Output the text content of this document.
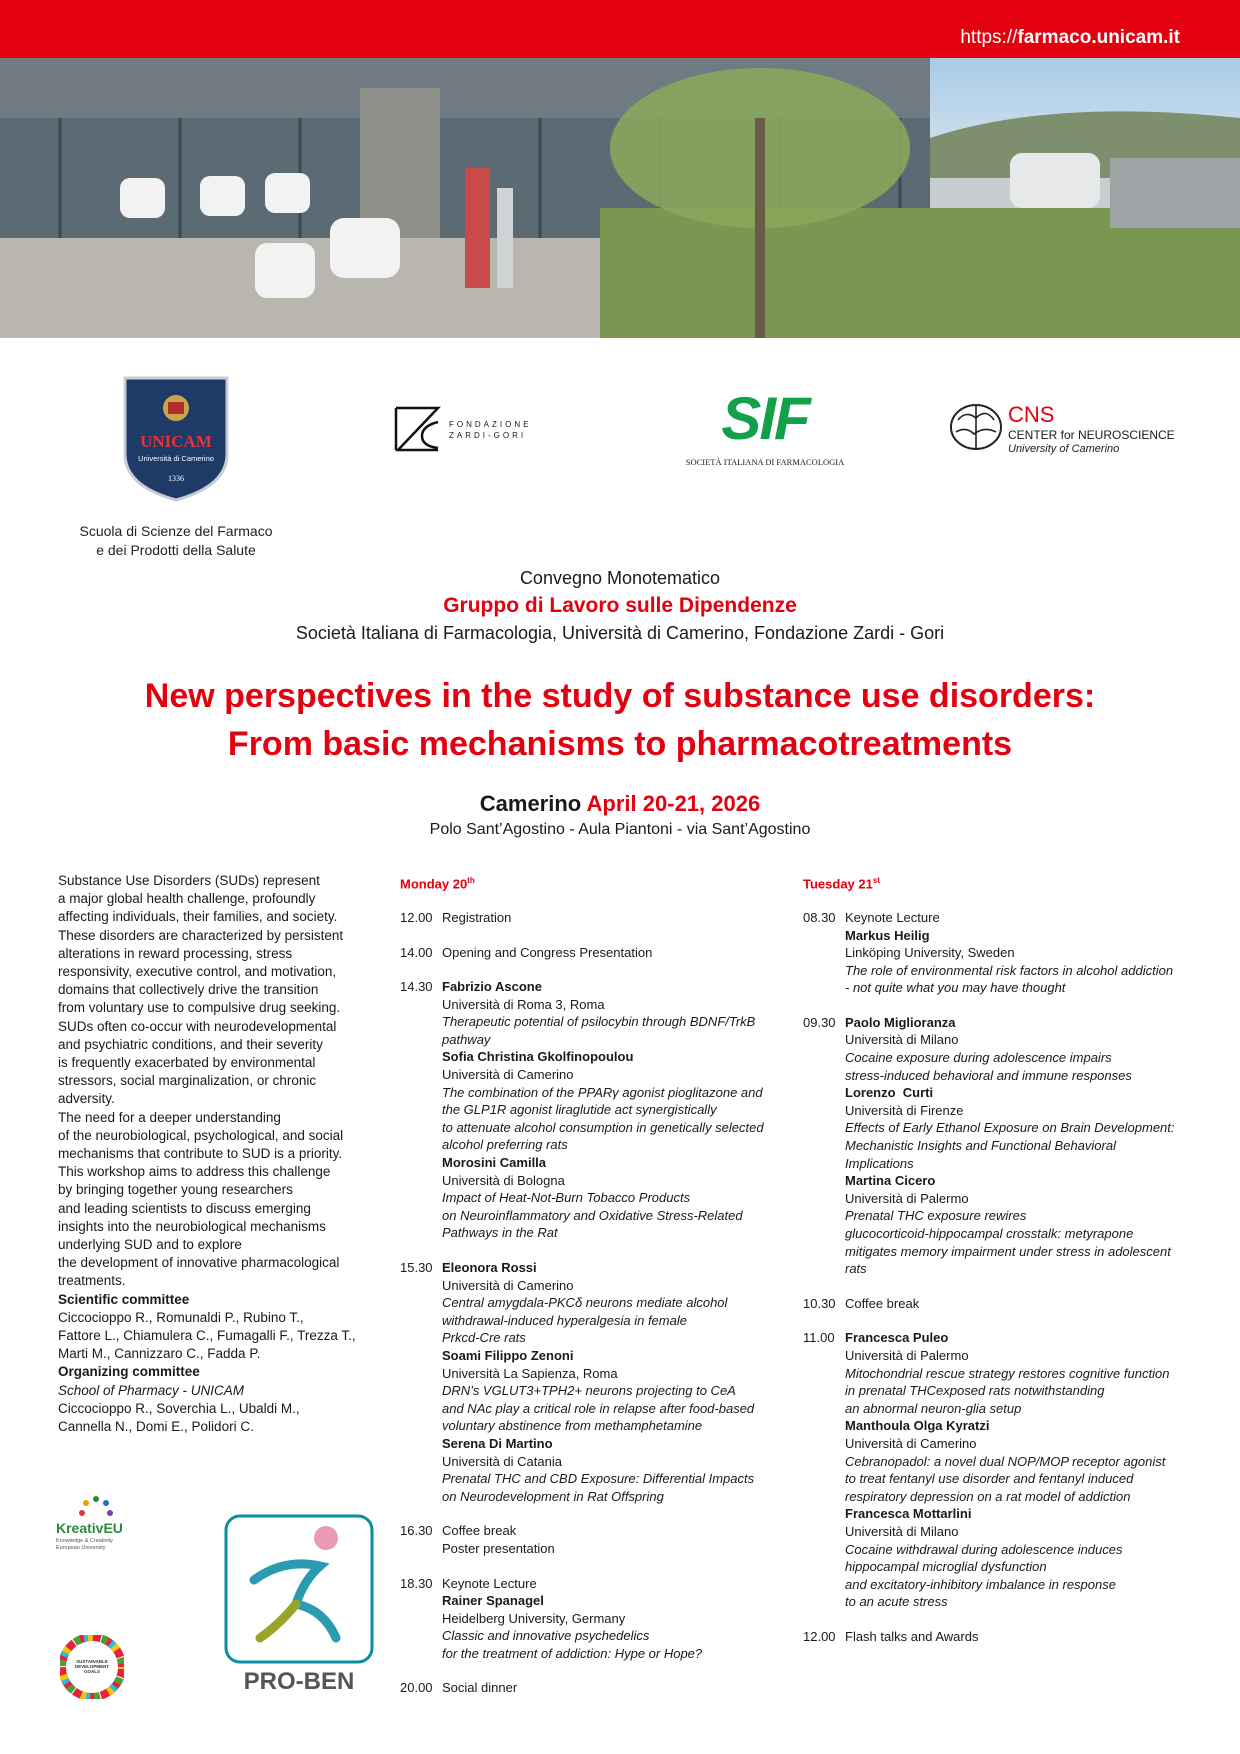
https://farmaco.unicam.it
UNICAM
Università di Camerino
1336
Scuola di Scienze del Farmaco
e dei Prodotti della Salute
FONDAZIONE
ZARDI-GORI	SIF
SOCIETÀ ITALIANA DI FARMACOLOGIA
CNS
CENTER for NEUROSCIENCE
University of Camerino
Convegno Monotematico
Gruppo di Lavoro sulle Dipendenze
Società Italiana di Farmacologia, Università di Camerino, Fondazione Zardi - Gori
New perspectives in the study of substance use disorders:
From basic mechanisms to pharmacotreatments
Camerino April 20-21, 2026
Polo Sant’Agostino - Aula Piantoni - via Sant’Agostino

Substance Use Disorders (SUDs) represent

a major global health challenge, profoundly

affecting individuals, their families, and society.

These disorders are characterized by persistent

alterations in reward processing, stress

responsivity, executive control, and motivation,

domains that collectively drive the transition

from voluntary use to compulsive drug seeking.

SUDs often co-occur with neurodevelopmental

and psychiatric conditions, and their severity

is frequently exacerbated by environmental

stressors, social marginalization, or chronic

adversity.

The need for a deeper understanding

of the neurobiological, psychological, and social

mechanisms that contribute to SUD is a priority.

This workshop aims to address this challenge

by bringing together young researchers

and leading scientists to discuss emerging

insights into the neurobiological mechanisms

underlying SUD and to explore

the development of innovative pharmacological

treatments.

Scientific committee

Ciccocioppo R., Romunaldi P., Rubino T.,

Fattore L., Chiamulera C., Fumagalli F., Trezza T.,

Marti M., Cannizzaro C., Fadda P.

Organizing committee

School of Pharmacy - UNICAM

Ciccocioppo R., Soverchia L., Ubaldi M.,

Cannella N., Domi E., Polidori C.

KreativEU
Knowledge & Creativity European University
SUSTAINABLE DEVELOPMENT GOALS	PRO-BEN
Monday 20th
12.00 Registration
14.00 Opening and Congress Presentation
14.30 Fabrizio Ascone
Università di Roma 3, Roma
Therapeutic potential of psilocybin through BDNF/TrkB
pathway
Sofia Christina Gkolfinopoulou
Università di Camerino
The combination of the PPARγ agonist pioglitazone and
the GLP1R agonist liraglutide act synergistically
to attenuate alcohol consumption in genetically selected
alcohol preferring rats
Morosini Camilla
Università di Bologna
Impact of Heat-Not-Burn Tobacco Products
on Neuroinflammatory and Oxidative Stress-Related
Pathways in the Rat
15.30 Eleonora Rossi
Università di Camerino
Central amygdala-PKCδ neurons mediate alcohol
withdrawal-induced hyperalgesia in female
Prkcd-Cre rats
Soami Filippo Zenoni
Università La Sapienza, Roma
DRN’s VGLUT3+TPH2+ neurons projecting to CeA
and NAc play a critical role in relapse after food-based
voluntary abstinence from methamphetamine
Serena Di Martino
Università di Catania
Prenatal THC and CBD Exposure: Differential Impacts
on Neurodevelopment in Rat Offspring
16.30 Coffee break
Poster presentation
18.30 Keynote Lecture
Rainer Spanagel
Heidelberg University, Germany
Classic and innovative psychedelics
for the treatment of addiction: Hype or Hope?
20.00 Social dinner
Tuesday 21st
08.30 Keynote Lecture
Markus Heilig
Linköping University, Sweden
The role of environmental risk factors in alcohol addiction
- not quite what you may have thought
09.30 Paolo Miglioranza
Università di Milano
Cocaine exposure during adolescence impairs
stress-induced behavioral and immune responses
Lorenzo  Curti
Università di Firenze
Effects of Early Ethanol Exposure on Brain Development:
Mechanistic Insights and Functional Behavioral
Implications
Martina Cicero
Università di Palermo
Prenatal THC exposure rewires
glucocorticoid-hippocampal crosstalk: metyrapone
mitigates memory impairment under stress in adolescent
rats
10.30 Coffee break
11.00 Francesca Puleo
Università di Palermo
Mitochondrial rescue strategy restores cognitive function
in prenatal THCexposed rats notwithstanding
an abnormal neuron-glia setup
Manthoula Olga Kyratzi
Università di Camerino
Cebranopadol: a novel dual NOP/MOP receptor agonist
to treat fentanyl use disorder and fentanyl induced
respiratory depression on a rat model of addiction
Francesca Mottarlini
Università di Milano
Cocaine withdrawal during adolescence induces
hippocampal microglial dysfunction
and excitatory-inhibitory imbalance in response
to an acute stress
12.00 Flash talks and Awards
